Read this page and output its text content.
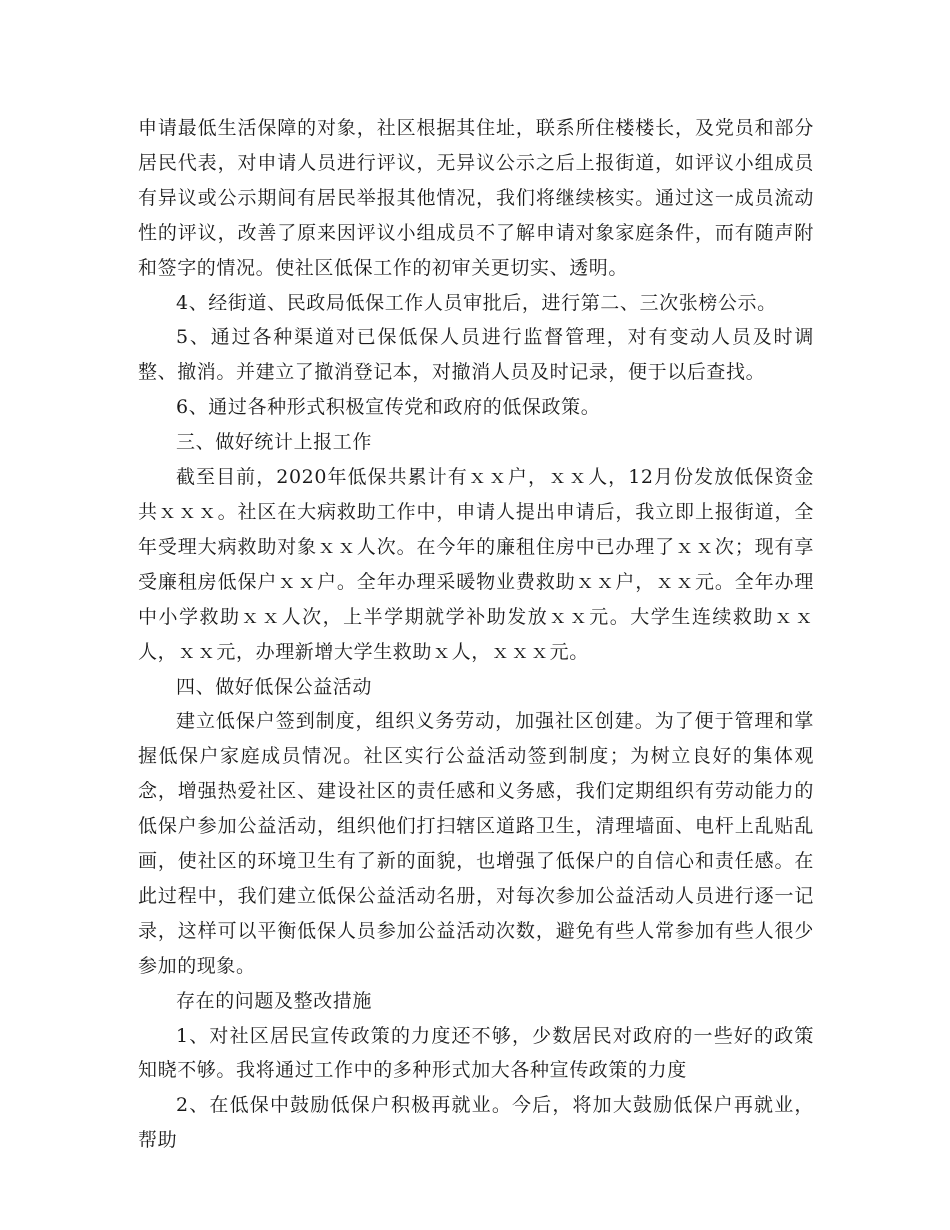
申请最低生活保障的对象，社区根据其住址，联系所住楼楼长，及党员和部分居民代表，对申请人员进行评议，无异议公示之后上报街道，如评议小组成员有异议或公示期间有居民举报其他情况，我们将继续核实。通过这一成员流动性的评议，改善了原来因评议小组成员不了解申请对象家庭条件，而有随声附和签字的情况。使社区低保工作的初审关更切实、透明。

4、经街道、民政局低保工作人员审批后，进行第二、三次张榜公示。

5、通过各种渠道对已保低保人员进行监督管理，对有变动人员及时调整、撤消。并建立了撤消登记本，对撤消人员及时记录，便于以后查找。

6、通过各种形式积极宣传党和政府的低保政策。

三、做好统计上报工作

截至目前，2020年低保共累计有ｘｘ户，ｘｘ人，12月份发放低保资金共ｘｘｘ。社区在大病救助工作中，申请人提出申请后，我立即上报街道，全年受理大病救助对象ｘｘ人次。在今年的廉租住房中已办理了ｘｘ次；现有享受廉租房低保户ｘｘ户。全年办理采暖物业费救助ｘｘ户，ｘｘ元。全年办理中小学救助ｘｘ人次，上半学期就学补助发放ｘｘ元。大学生连续救助ｘｘ人，ｘｘ元，办理新增大学生救助ｘ人，ｘｘｘ元。

四、做好低保公益活动

建立低保户签到制度，组织义务劳动，加强社区创建。为了便于管理和掌握低保户家庭成员情况。社区实行公益活动签到制度；为树立良好的集体观念，增强热爱社区、建设社区的责任感和义务感，我们定期组织有劳动能力的低保户参加公益活动，组织他们打扫辖区道路卫生，清理墙面、电杆上乱贴乱画，使社区的环境卫生有了新的面貌，也增强了低保户的自信心和责任感。在此过程中，我们建立低保公益活动名册，对每次参加公益活动人员进行逐一记录，这样可以平衡低保人员参加公益活动次数，避免有些人常参加有些人很少参加的现象。

存在的问题及整改措施

1、对社区居民宣传政策的力度还不够，少数居民对政府的一些好的政策知晓不够。我将通过工作中的多种形式加大各种宣传政策的力度

2、在低保中鼓励低保户积极再就业。今后，将加大鼓励低保户再就业，帮助
